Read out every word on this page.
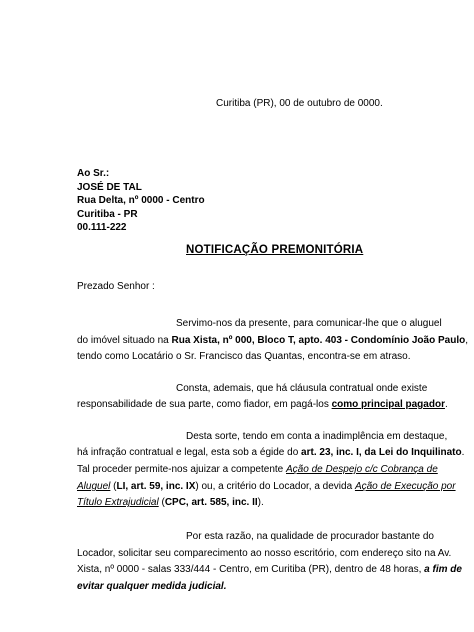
Curitiba (PR), 00 de outubro de 0000.
Ao Sr.:
JOSÉ DE TAL
Rua Delta, nº 0000 - Centro
Curitiba - PR
00.111-222
NOTIFICAÇÃO PREMONITÓRIA
Prezado Senhor :
Servimo-nos da presente, para comunicar-lhe que o aluguel
do imóvel situado na Rua Xista, nº 000, Bloco T, apto. 403 - Condomínio João Paulo,
tendo como Locatário o Sr. Francisco das Quantas, encontra-se em atraso.
Consta, ademais, que há cláusula contratual onde existe
responsabilidade de sua parte, como fiador, em pagá-los como principal pagador.
Desta sorte, tendo em conta a inadimplência em destaque,
há infração contratual e legal, esta sob a égide do art. 23, inc. I, da Lei do Inquilinato.
Tal proceder permite-nos ajuizar a competente Ação de Despejo c/c Cobrança de
Aluguel (LI, art. 59, inc. IX) ou, a critério do Locador, a devida Ação de Execução por
Título Extrajudicial (CPC, art. 585, inc. II).
Por esta razão, na qualidade de procurador bastante do
Locador, solicitar seu comparecimento ao nosso escritório, com endereço sito na Av.
Xista, nº 0000 - salas 333/444 - Centro, em Curitiba (PR), dentro de 48 horas, a fim de
evitar qualquer medida judicial.
